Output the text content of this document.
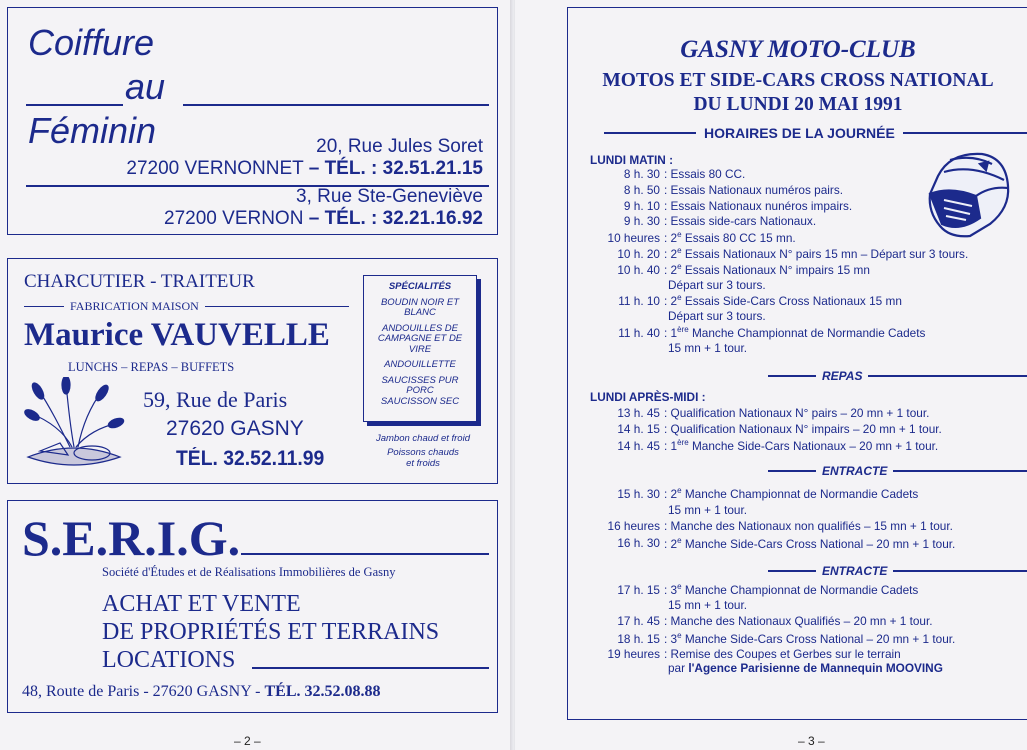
Coiffure
au
Féminin	20, Rue Jules Soret
27200 VERNONNET – TÉL. : 32.51.21.15
3, Rue Ste-Geneviève
27200 VERNON – TÉL. : 32.21.16.92
CHARCUTIER - TRAITEUR
FABRICATION MAISON
Maurice VAUVELLE
LUNCHS – REPAS – BUFFETS
59, Rue de Paris
27620 GASNY
TÉL. 32.52.11.99
SPÉCIALITÉS
BOUDIN NOIR ET BLANC
ANDOUILLES DE CAMPAGNE ET DE VIRE
ANDOUILLETTE
SAUCISSES PUR PORC SAUCISSON SEC
Jambon chaud et froid
Poissons chauds et froids
S.E.R.I.G.
Société d'Études et de Réalisations Immobilières de Gasny
ACHAT ET VENTE
DE PROPRIÉTÉS ET TERRAINS
LOCATIONS
48, Route de Paris - 27620 GASNY - TÉL. 32.52.08.88
– 2 –
GASNY MOTO-CLUB
MOTOS ET SIDE-CARS CROSS NATIONAL
DU LUNDI 20 MAI 1991
HORAIRES DE LA JOURNÉE
LUNDI MATIN :
8 h. 30 : Essais 80 CC.
8 h. 50 : Essais Nationaux numéros pairs.
9 h. 10 : Essais Nationaux nunéros impairs.
9 h. 30 : Essais side-cars Nationaux.
10 heures : 2e Essais 80 CC 15 mn.
10 h. 20 : 2e Essais Nationaux N° pairs 15 mn – Départ sur 3 tours.
10 h. 40 : 2e Essais Nationaux N° impairs 15 mn
Départ sur 3 tours.
11 h. 10 : 2e Essais Side-Cars Cross Nationaux 15 mn
Départ sur 3 tours.
11 h. 40 : 1ère Manche Championnat de Normandie Cadets
15 mn + 1 tour.
REPAS
LUNDI APRÈS-MIDI :
13 h. 45 : Qualification Nationaux N° pairs – 20 mn + 1 tour.
14 h. 15 : Qualification Nationaux N° impairs – 20 mn + 1 tour.
14 h. 45 : 1ère Manche Side-Cars Nationaux – 20 mn + 1 tour.
ENTRACTE
15 h. 30 : 2e Manche Championnat de Normandie Cadets
15 mn + 1 tour.
16 heures : Manche des Nationaux non qualifiés – 15 mn + 1 tour.
16 h. 30 : 2e Manche Side-Cars Cross National – 20 mn + 1 tour.
ENTRACTE
17 h. 15 : 3e Manche Championnat de Normandie Cadets
15 mn + 1 tour.
17 h. 45 : Manche des Nationaux Qualifiés – 20 mn + 1 tour.
18 h. 15 : 3e Manche Side-Cars Cross National – 20 mn + 1 tour.
19 heures : Remise des Coupes et Gerbes sur le terrain
par l'Agence Parisienne de Mannequin MOOVING
– 3 –
